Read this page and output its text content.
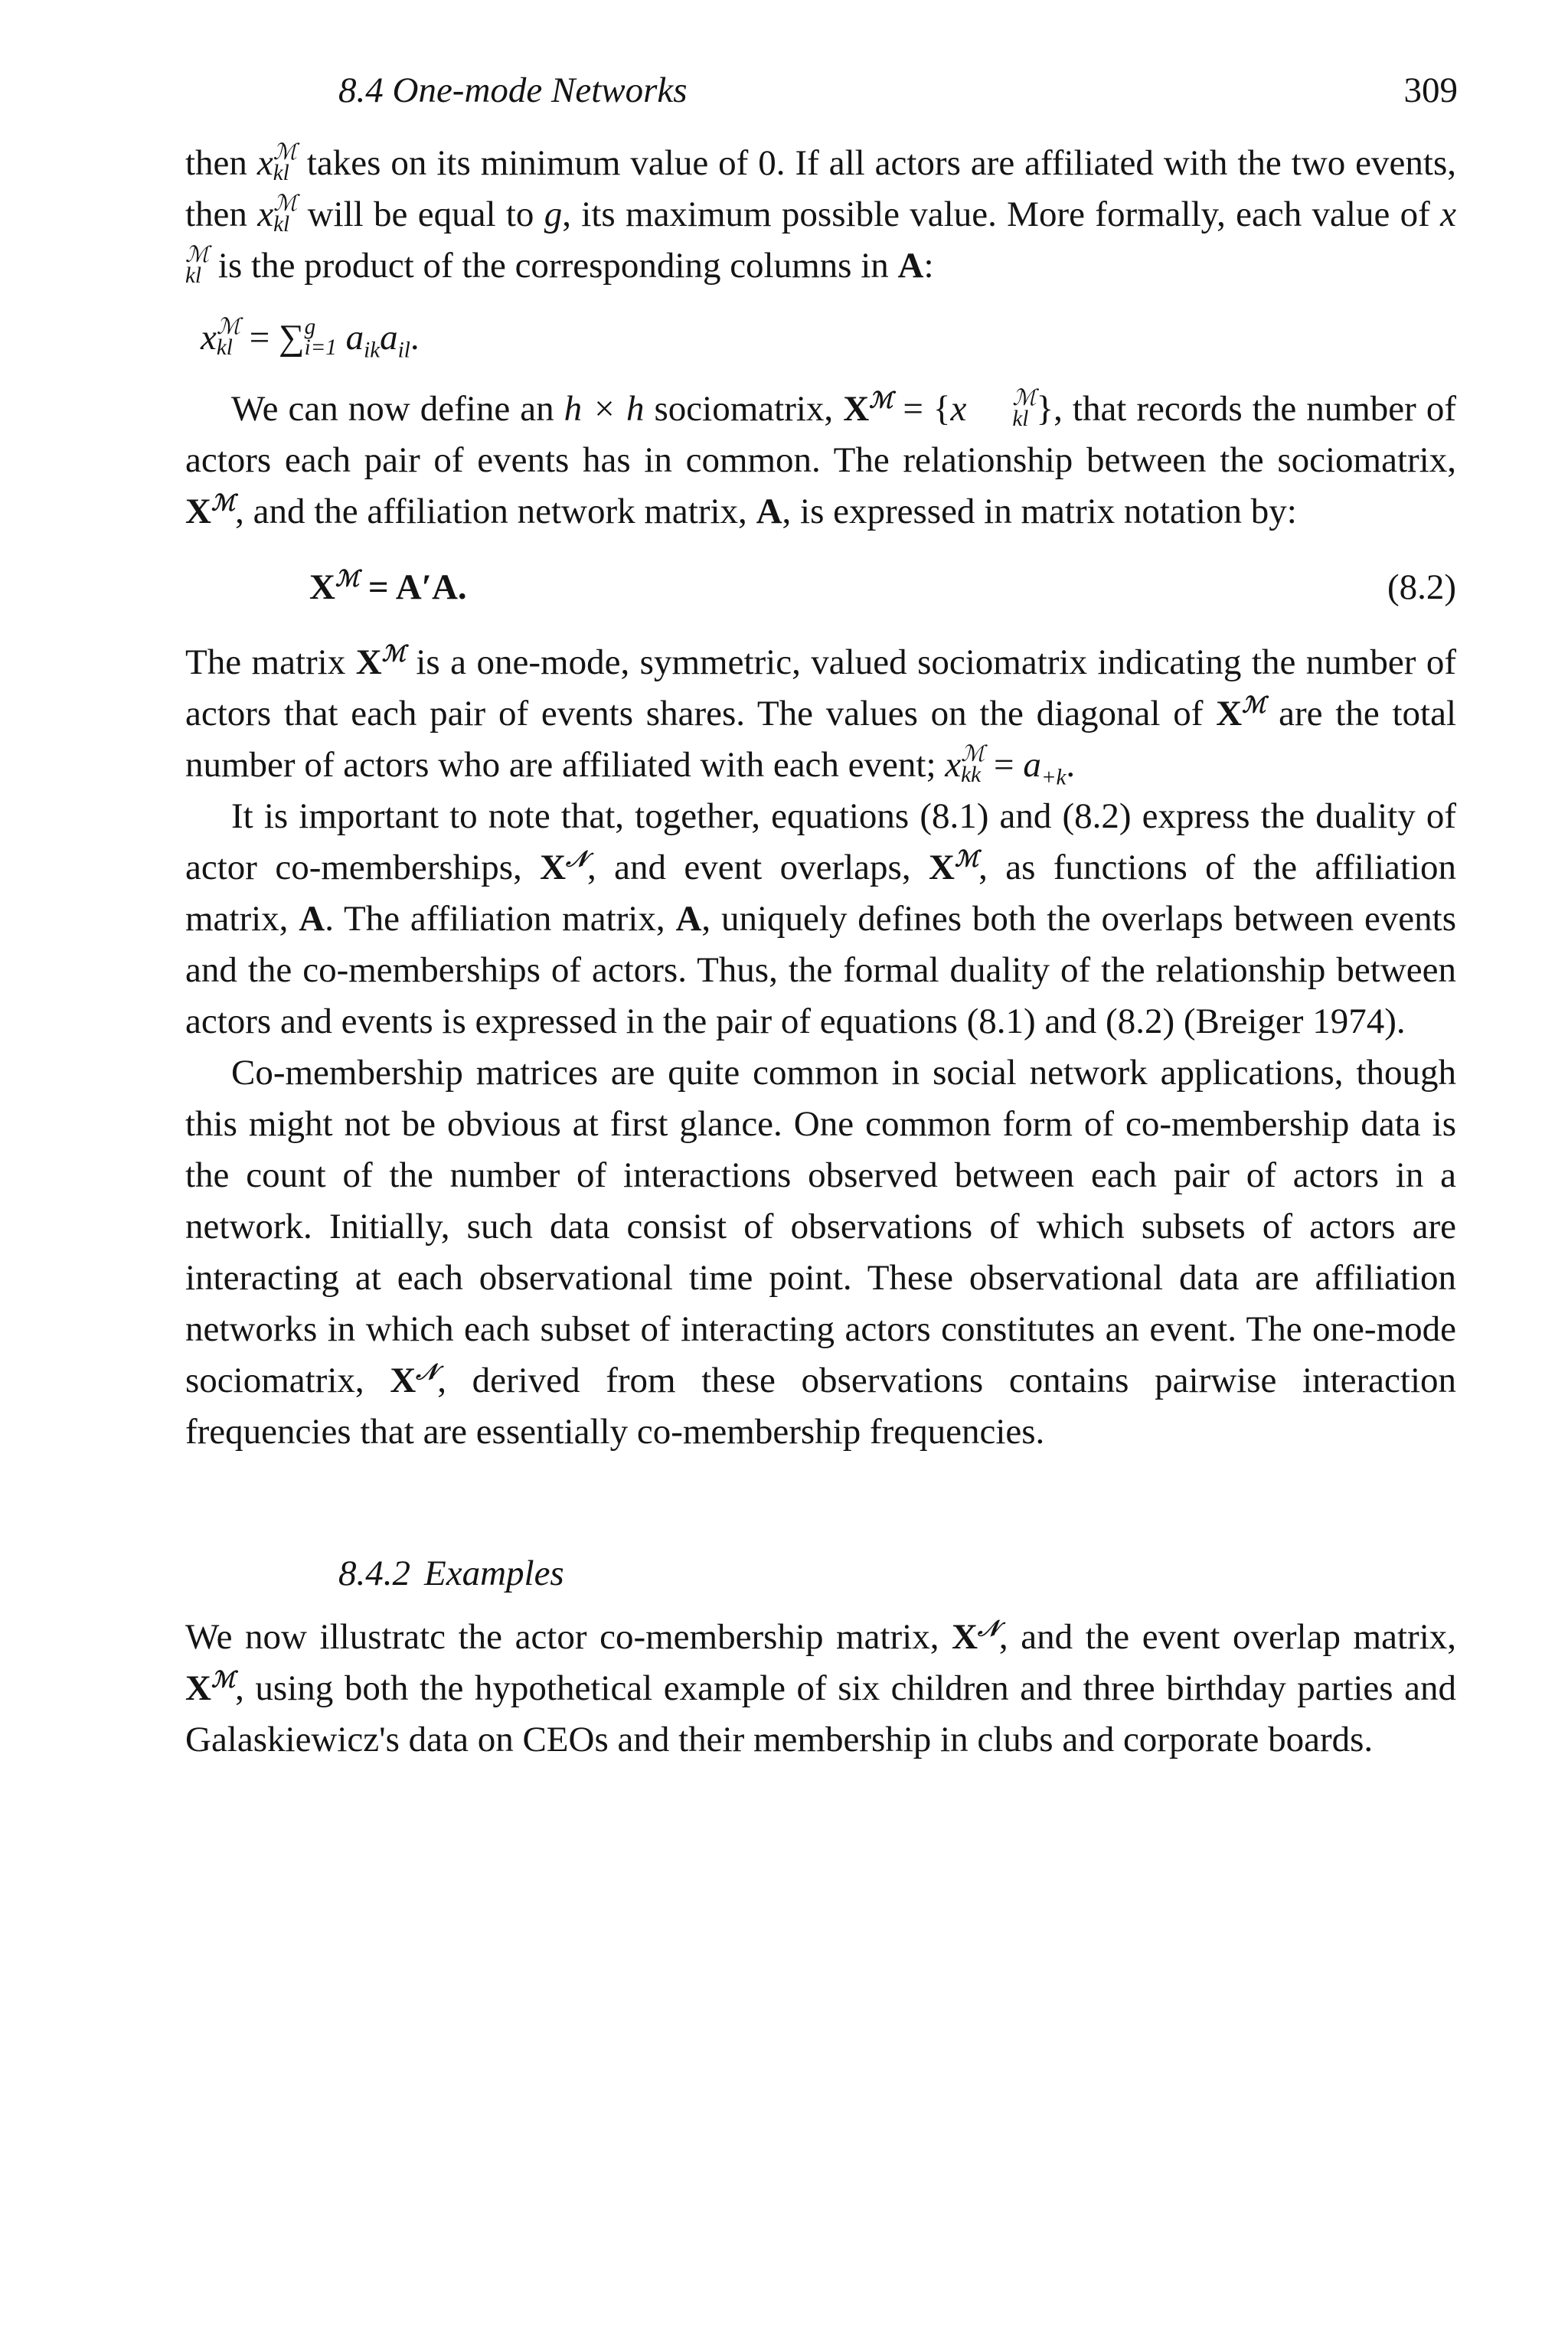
8.4 One-mode Networks	309

then x ℳ
kl takes on its minimum value of 0. If all actors are affiliated with the two events, then x ℳ
kl will be equal to g, its maximum possible value. More formally, each value of x
ℳ
kl is the product of the corresponding columns in A:

x ℳ
kl = ∑ g
i=1 $a_{ik}a_{il}$.

We can now define an h × h sociomatrix, $X^ℳ = \{x$	ℳ
kl }, that records the number of actors each pair of events has in common. The relationship between the sociomatrix, $X^ℳ$, and the affiliation network matrix, A, is expressed in matrix notation by:

$X^ℳ = A'A$.	(8.2)

The matrix $X^ℳ$ is a one-mode, symmetric, valued sociomatrix indicating the number of actors that each pair of events shares. The values on the diagonal of $X^ℳ$ are the total number of actors who are affiliated with each event; x ℳ
kk = $a_{+k}$.

It is important to note that, together, equations (8.1) and (8.2) express the duality of actor co-memberships, $X^𝒩$, and event overlaps, $X^ℳ$, as functions of the affiliation matrix, A. The affiliation matrix, A, uniquely defines both the overlaps between events and the co-memberships of actors. Thus, the formal duality of the relationship between actors and events is expressed in the pair of equations (8.1) and (8.2) (Breiger 1974).

Co-membership matrices are quite common in social network applications, though this might not be obvious at first glance. One common form of co-membership data is the count of the number of interactions observed between each pair of actors in a network. Initially, such data consist of observations of which subsets of actors are interacting at each observational time point. These observational data are affiliation networks in which each subset of interacting actors constitutes an event. The one-mode sociomatrix, $X^𝒩$, derived from these observations contains pairwise interaction frequencies that are essentially co-membership frequencies.

8.4.2 Examples

We now illustratc the actor co-membership matrix, $X^𝒩$, and the event overlap matrix, $X^ℳ$, using both the hypothetical example of six children and three birthday parties and Galaskiewicz's data on CEOs and their membership in clubs and corporate boards.
